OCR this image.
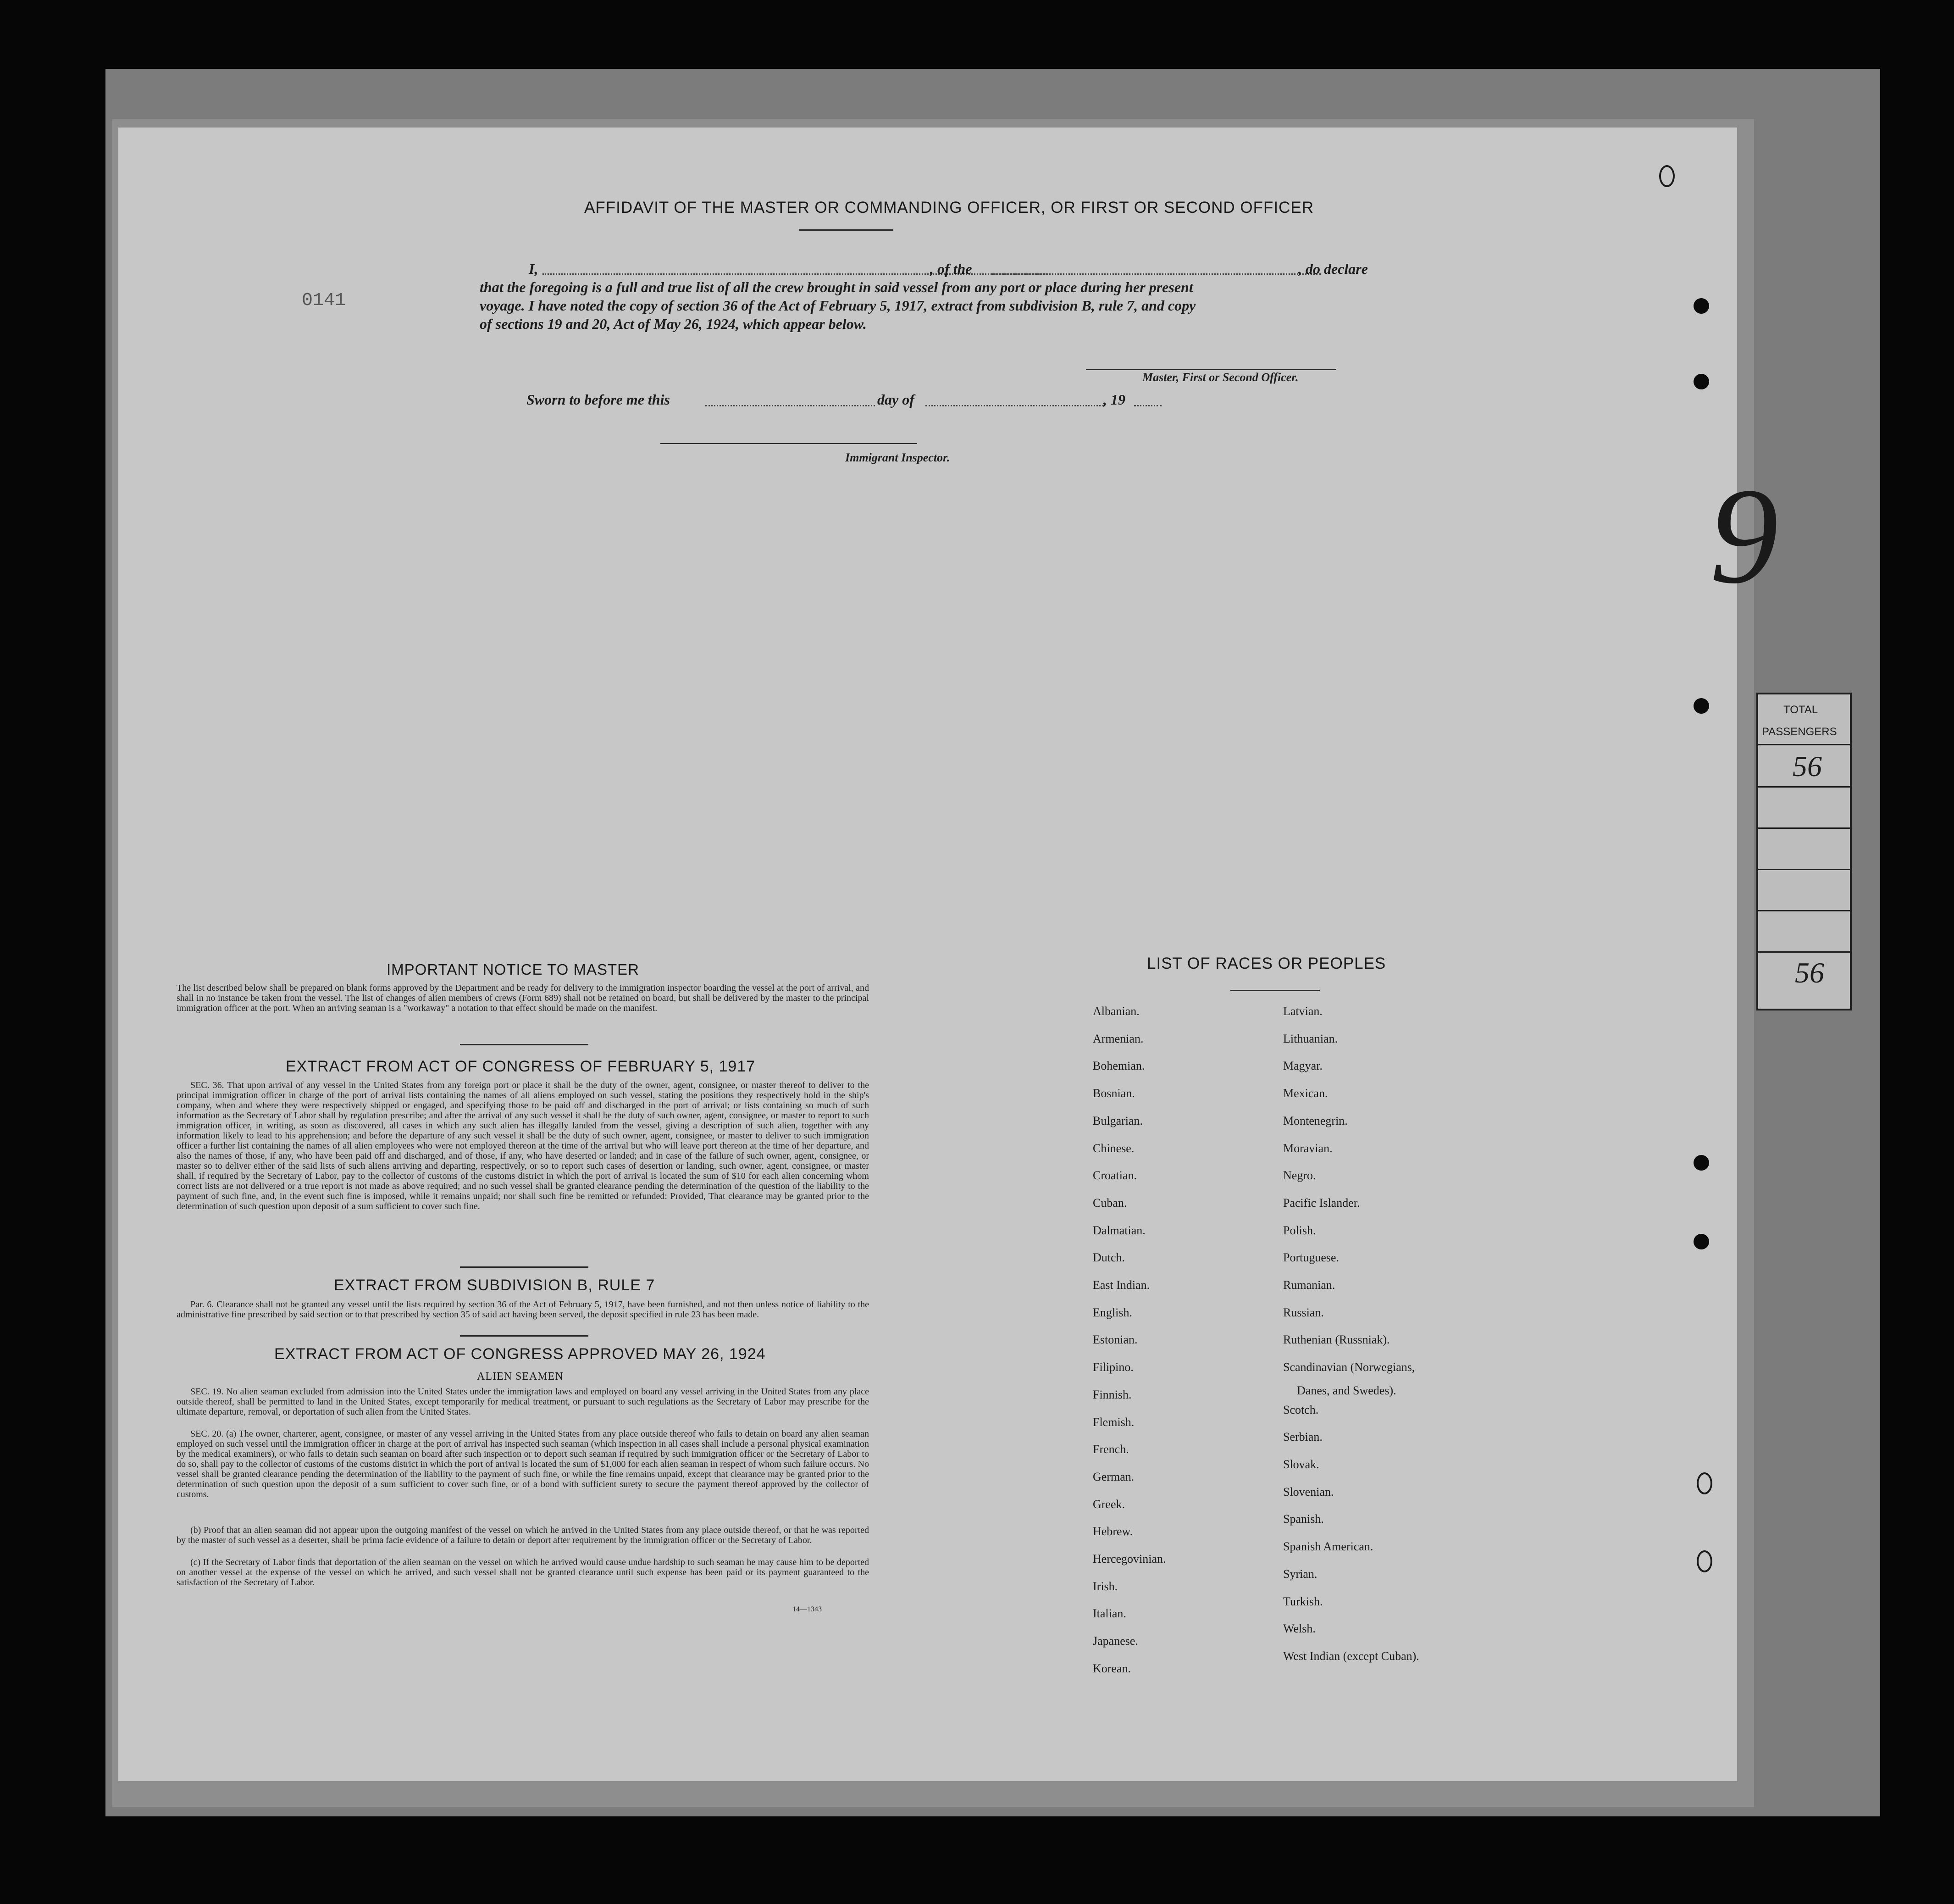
AFFIDAVIT OF THE MASTER OR COMMANDING OFFICER, OR FIRST OR SECOND OFFICER
I,	, of the	, do declare
that the foregoing is a full and true list of all the crew brought in said vessel from any port or place during her present
voyage. I have noted the copy of section 36 of the Act of February 5, 1917, extract from subdivision B, rule 7, and copy
of sections 19 and 20, Act of May 26, 1924, which appear below.
0141
Master, First or Second Officer.
Sworn to before me this	day of	, 19
Immigrant Inspector.
IMPORTANT NOTICE TO MASTER
The list described below shall be prepared on blank forms approved by the Department and be ready for delivery to the immigration inspector boarding the vessel at the port of arrival, and shall in no instance be taken from the vessel. The list of changes of alien members of crews (Form 689) shall not be retained on board, but shall be delivered by the master to the principal immigration officer at the port. When an arriving seaman is a "workaway" a notation to that effect should be made on the manifest.
EXTRACT FROM ACT OF CONGRESS OF FEBRUARY 5, 1917
SEC. 36. That upon arrival of any vessel in the United States from any foreign port or place it shall be the duty of the owner, agent, consignee, or master thereof to deliver to the principal immigration officer in charge of the port of arrival lists containing the names of all aliens employed on such vessel, stating the positions they respectively hold in the ship's company, when and where they were respectively shipped or engaged, and specifying those to be paid off and discharged in the port of arrival; or lists containing so much of such information as the Secretary of Labor shall by regulation prescribe; and after the arrival of any such vessel it shall be the duty of such owner, agent, consignee, or master to report to such immigration officer, in writing, as soon as discovered, all cases in which any such alien has illegally landed from the vessel, giving a description of such alien, together with any information likely to lead to his apprehension; and before the departure of any such vessel it shall be the duty of such owner, agent, consignee, or master to deliver to such immigration officer a further list containing the names of all alien employees who were not employed thereon at the time of the arrival but who will leave port thereon at the time of her departure, and also the names of those, if any, who have been paid off and discharged, and of those, if any, who have deserted or landed; and in case of the failure of such owner, agent, consignee, or master so to deliver either of the said lists of such aliens arriving and departing, respectively, or so to report such cases of desertion or landing, such owner, agent, consignee, or master shall, if required by the Secretary of Labor, pay to the collector of customs of the customs district in which the port of arrival is located the sum of $10 for each alien concerning whom correct lists are not delivered or a true report is not made as above required; and no such vessel shall be granted clearance pending the determination of the question of the liability to the payment of such fine, and, in the event such fine is imposed, while it remains unpaid; nor shall such fine be remitted or refunded: Provided, That clearance may be granted prior to the determination of such question upon deposit of a sum sufficient to cover such fine.
EXTRACT FROM SUBDIVISION B, RULE 7
Par. 6. Clearance shall not be granted any vessel until the lists required by section 36 of the Act of February 5, 1917, have been furnished, and not then unless notice of liability to the administrative fine prescribed by said section or to that prescribed by section 35 of said act having been served, the deposit specified in rule 23 has been made.
EXTRACT FROM ACT OF CONGRESS APPROVED MAY 26, 1924
ALIEN SEAMEN
SEC. 19. No alien seaman excluded from admission into the United States under the immigration laws and employed on board any vessel arriving in the United States from any place outside thereof, shall be permitted to land in the United States, except temporarily for medical treatment, or pursuant to such regulations as the Secretary of Labor may prescribe for the ultimate departure, removal, or deportation of such alien from the United States.
SEC. 20. (a) The owner, charterer, agent, consignee, or master of any vessel arriving in the United States from any place outside thereof who fails to detain on board any alien seaman employed on such vessel until the immigration officer in charge at the port of arrival has inspected such seaman (which inspection in all cases shall include a personal physical examination by the medical examiners), or who fails to detain such seaman on board after such inspection or to deport such seaman if required by such immigration officer or the Secretary of Labor to do so, shall pay to the collector of customs of the customs district in which the port of arrival is located the sum of $1,000 for each alien seaman in respect of whom such failure occurs. No vessel shall be granted clearance pending the determination of the liability to the payment of such fine, or while the fine remains unpaid, except that clearance may be granted prior to the determination of such question upon the deposit of a sum sufficient to cover such fine, or of a bond with sufficient surety to secure the payment thereof approved by the collector of customs.
(b) Proof that an alien seaman did not appear upon the outgoing manifest of the vessel on which he arrived in the United States from any place outside thereof, or that he was reported by the master of such vessel as a deserter, shall be prima facie evidence of a failure to detain or deport after requirement by the immigration officer or the Secretary of Labor.
(c) If the Secretary of Labor finds that deportation of the alien seaman on the vessel on which he arrived would cause undue hardship to such seaman he may cause him to be deported on another vessel at the expense of the vessel on which he arrived, and such vessel shall not be granted clearance until such expense has been paid or its payment guaranteed to the satisfaction of the Secretary of Labor.
14—1343
LIST OF RACES OR PEOPLES
Albanian.
Armenian.
Bohemian.
Bosnian.
Bulgarian.
Chinese.
Croatian.
Cuban.
Dalmatian.
Dutch.
East Indian.
English.
Estonian.
Filipino.
Finnish.
Flemish.
French.
German.
Greek.
Hebrew.
Hercegovinian.
Irish.
Italian.
Japanese.
Korean.
Latvian.
Lithuanian.
Magyar.
Mexican.
Montenegrin.
Moravian.
Negro.
Pacific Islander.
Polish.
Portuguese.
Rumanian.
Russian.
Ruthenian (Russniak).
Scandinavian (Norwegians,
Scotch.
Serbian.
Slovak.
Slovenian.
Spanish.
Spanish American.
Syrian.
Turkish.
Welsh.
West Indian (except Cuban).
Danes, and Swedes).
9
TOTAL
PASSENGERS
56
56
